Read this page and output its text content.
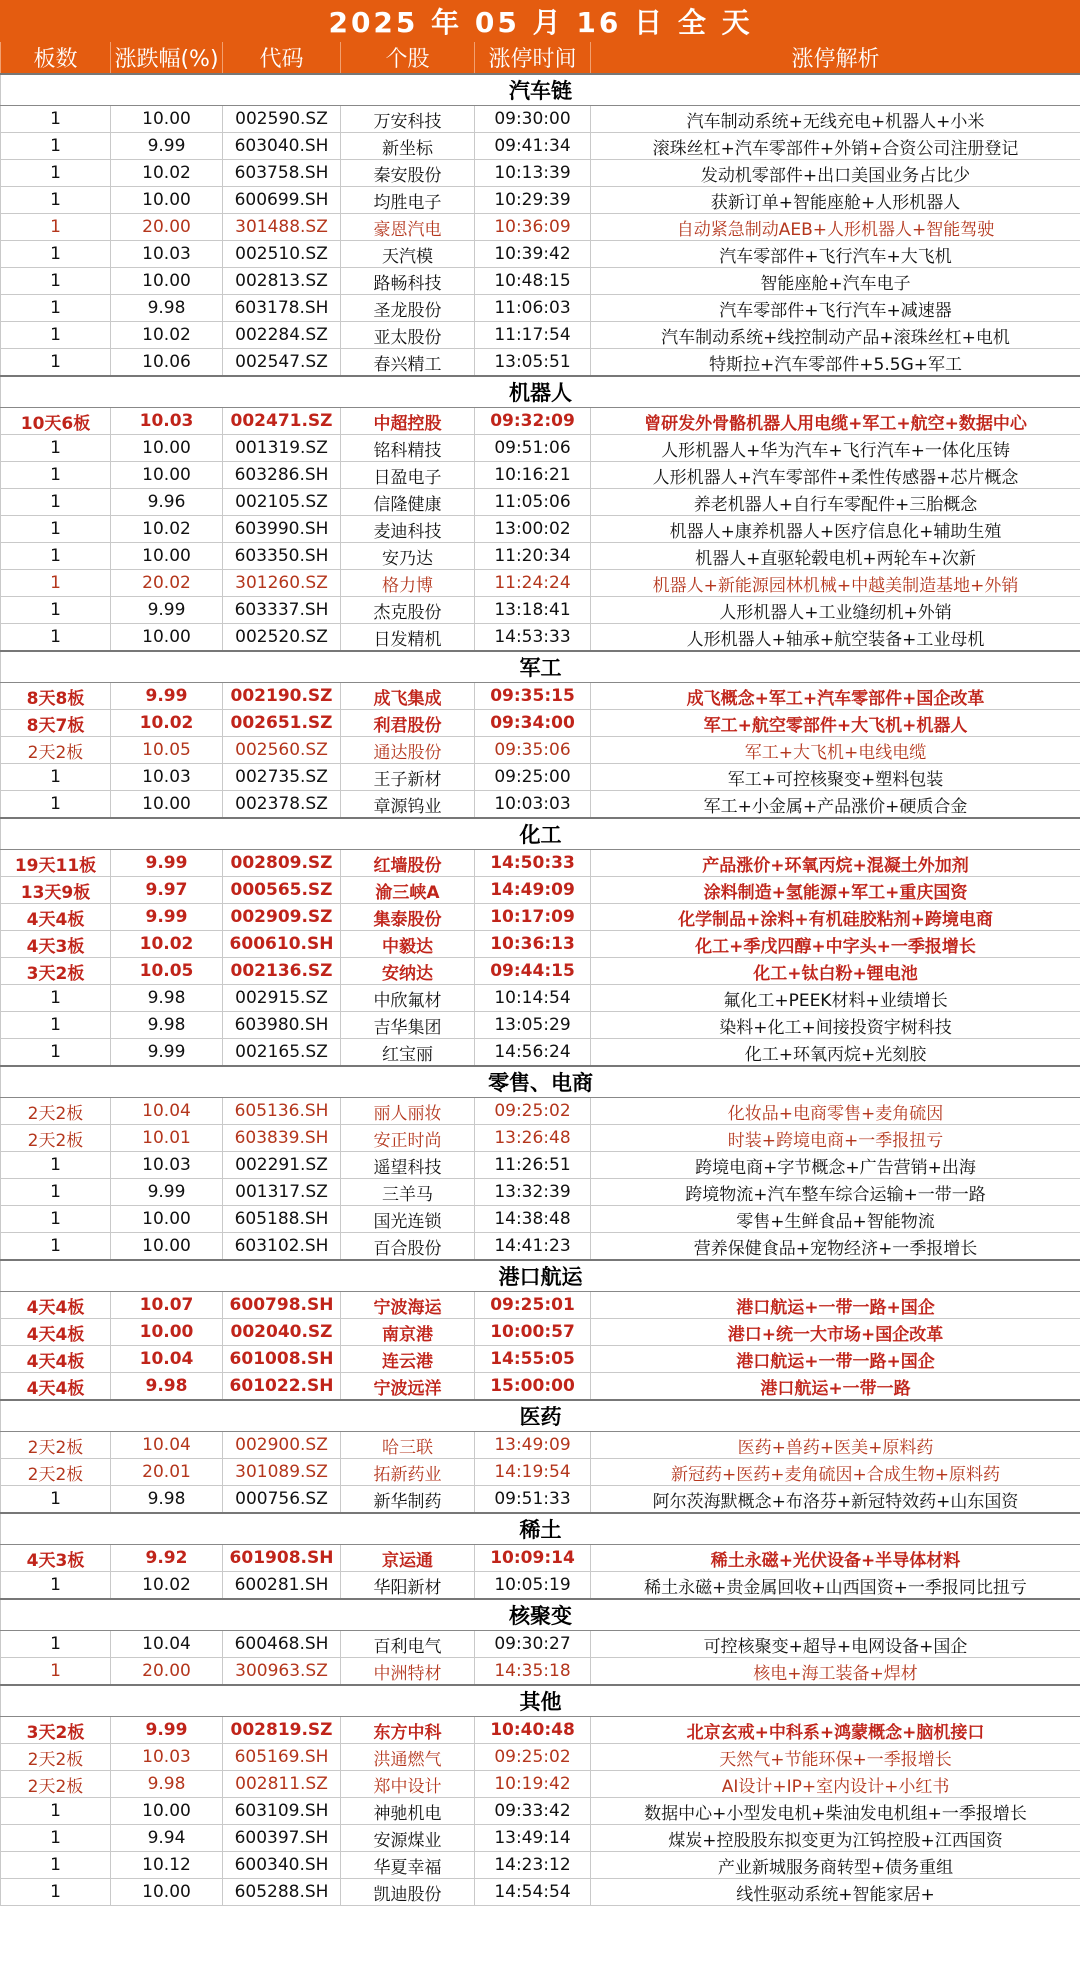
2025 年 05 月 16 日 全 天					
板数	涨跌幅(%)	代码	个股	涨停时间	涨停解析
汽车链					
1	10.00	002590.SZ	万安科技	09:30:00	汽车制动系统+无线充电+机器人+小米
1	9.99	603040.SH	新坐标	09:41:34	滚珠丝杠+汽车零部件+外销+合资公司注册登记
1	10.02	603758.SH	秦安股份	10:13:39	发动机零部件+出口美国业务占比少
1	10.00	600699.SH	均胜电子	10:29:39	获新订单+智能座舱+人形机器人
1	20.00	301488.SZ	豪恩汽电	10:36:09	自动紧急制动AEB+人形机器人+智能驾驶
1	10.03	002510.SZ	天汽模	10:39:42	汽车零部件+飞行汽车+大飞机
1	10.00	002813.SZ	路畅科技	10:48:15	智能座舱+汽车电子
1	9.98	603178.SH	圣龙股份	11:06:03	汽车零部件+飞行汽车+减速器
1	10.02	002284.SZ	亚太股份	11:17:54	汽车制动系统+线控制动产品+滚珠丝杠+电机
1	10.06	002547.SZ	春兴精工	13:05:51	特斯拉+汽车零部件+5.5G+军工
机器人					
10天6板	10.03	002471.SZ	中超控股	09:32:09	曾研发外骨骼机器人用电缆+军工+航空+数据中心
1	10.00	001319.SZ	铭科精技	09:51:06	人形机器人+华为汽车+飞行汽车+一体化压铸
1	10.00	603286.SH	日盈电子	10:16:21	人形机器人+汽车零部件+柔性传感器+芯片概念
1	9.96	002105.SZ	信隆健康	11:05:06	养老机器人+自行车零配件+三胎概念
1	10.02	603990.SH	麦迪科技	13:00:02	机器人+康养机器人+医疗信息化+辅助生殖
1	10.00	603350.SH	安乃达	11:20:34	机器人+直驱轮毂电机+两轮车+次新
1	20.02	301260.SZ	格力博	11:24:24	机器人+新能源园林机械+中越美制造基地+外销
1	9.99	603337.SH	杰克股份	13:18:41	人形机器人+工业缝纫机+外销
1	10.00	002520.SZ	日发精机	14:53:33	人形机器人+轴承+航空装备+工业母机
军工					
8天8板	9.99	002190.SZ	成飞集成	09:35:15	成飞概念+军工+汽车零部件+国企改革
8天7板	10.02	002651.SZ	利君股份	09:34:00	军工+航空零部件+大飞机+机器人
2天2板	10.05	002560.SZ	通达股份	09:35:06	军工+大飞机+电线电缆
1	10.03	002735.SZ	王子新材	09:25:00	军工+可控核聚变+塑料包装
1	10.00	002378.SZ	章源钨业	10:03:03	军工+小金属+产品涨价+硬质合金
化工					
19天11板	9.99	002809.SZ	红墙股份	14:50:33	产品涨价+环氧丙烷+混凝土外加剂
13天9板	9.97	000565.SZ	渝三峡A	14:49:09	涂料制造+氢能源+军工+重庆国资
4天4板	9.99	002909.SZ	集泰股份	10:17:09	化学制品+涂料+有机硅胶粘剂+跨境电商
4天3板	10.02	600610.SH	中毅达	10:36:13	化工+季戊四醇+中字头+一季报增长
3天2板	10.05	002136.SZ	安纳达	09:44:15	化工+钛白粉+锂电池
1	9.98	002915.SZ	中欣氟材	10:14:54	氟化工+PEEK材料+业绩增长
1	9.98	603980.SH	吉华集团	13:05:29	染料+化工+间接投资宇树科技
1	9.99	002165.SZ	红宝丽	14:56:24	化工+环氧丙烷+光刻胶
零售、电商					
2天2板	10.04	605136.SH	丽人丽妆	09:25:02	化妆品+电商零售+麦角硫因
2天2板	10.01	603839.SH	安正时尚	13:26:48	时装+跨境电商+一季报扭亏
1	10.03	002291.SZ	遥望科技	11:26:51	跨境电商+字节概念+广告营销+出海
1	9.99	001317.SZ	三羊马	13:32:39	跨境物流+汽车整车综合运输+一带一路
1	10.00	605188.SH	国光连锁	14:38:48	零售+生鲜食品+智能物流
1	10.00	603102.SH	百合股份	14:41:23	营养保健食品+宠物经济+一季报增长
港口航运					
4天4板	10.07	600798.SH	宁波海运	09:25:01	港口航运+一带一路+国企
4天4板	10.00	002040.SZ	南京港	10:00:57	港口+统一大市场+国企改革
4天4板	10.04	601008.SH	连云港	14:55:05	港口航运+一带一路+国企
4天4板	9.98	601022.SH	宁波远洋	15:00:00	港口航运+一带一路
医药					
2天2板	10.04	002900.SZ	哈三联	13:49:09	医药+兽药+医美+原料药
2天2板	20.01	301089.SZ	拓新药业	14:19:54	新冠药+医药+麦角硫因+合成生物+原料药
1	9.98	000756.SZ	新华制药	09:51:33	阿尔茨海默概念+布洛芬+新冠特效药+山东国资
稀土					
4天3板	9.92	601908.SH	京运通	10:09:14	稀土永磁+光伏设备+半导体材料
1	10.02	600281.SH	华阳新材	10:05:19	稀土永磁+贵金属回收+山西国资+一季报同比扭亏
核聚变					
1	10.04	600468.SH	百利电气	09:30:27	可控核聚变+超导+电网设备+国企
1	20.00	300963.SZ	中洲特材	14:35:18	核电+海工装备+焊材
其他					
3天2板	9.99	002819.SZ	东方中科	10:40:48	北京玄戒+中科系+鸿蒙概念+脑机接口
2天2板	10.03	605169.SH	洪通燃气	09:25:02	天然气+节能环保+一季报增长
2天2板	9.98	002811.SZ	郑中设计	10:19:42	AI设计+IP+室内设计+小红书
1	10.00	603109.SH	神驰机电	09:33:42	数据中心+小型发电机+柴油发电机组+一季报增长
1	9.94	600397.SH	安源煤业	13:49:14	煤炭+控股股东拟变更为江钨控股+江西国资
1	10.12	600340.SH	华夏幸福	14:23:12	产业新城服务商转型+债务重组
1	10.00	605288.SH	凯迪股份	14:54:54	线性驱动系统+智能家居+
